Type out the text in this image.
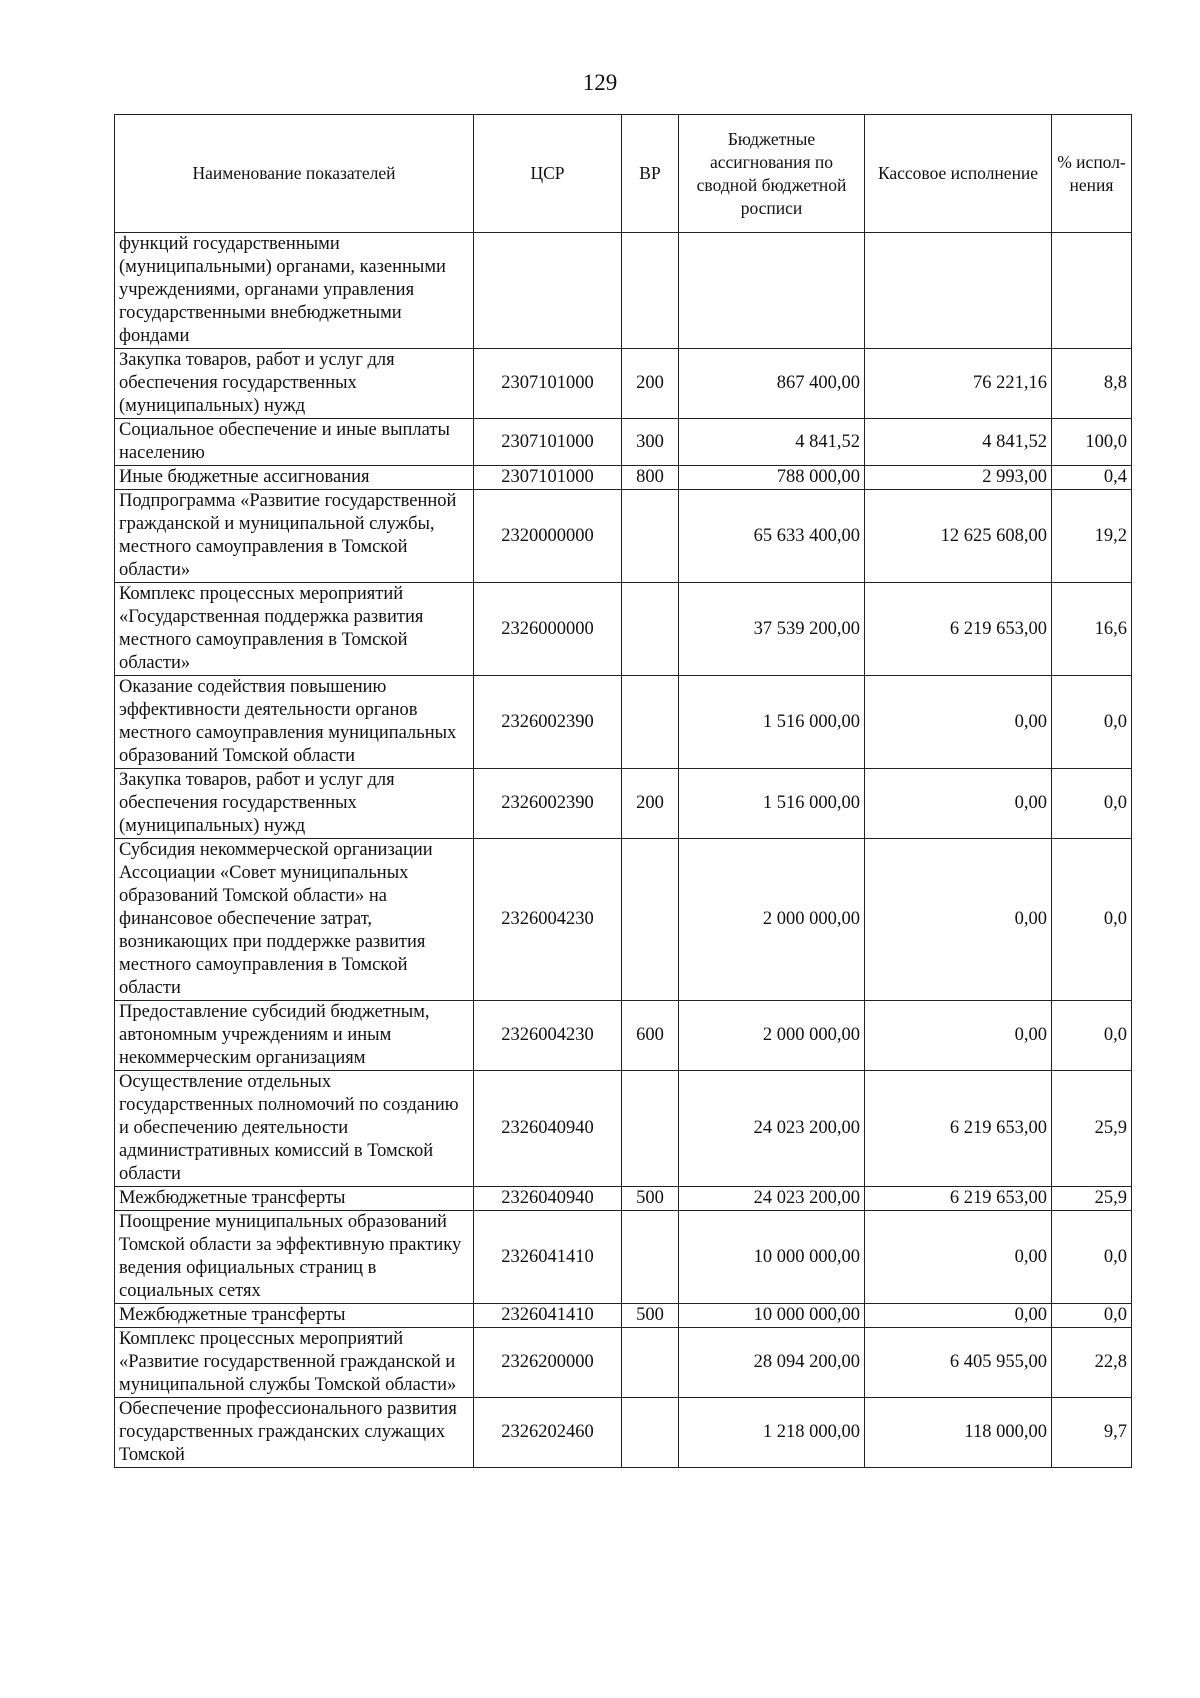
129
Наименование показателей	ЦСР	ВР	Бюджетные ассигнования по сводной бюджетной росписи	Кассовое исполнение	% испол-нения
функций государственными (муниципальными) органами, казенными учреждениями, органами управления государственными внебюджетными фондами					
Закупка товаров, работ и услуг для обеспечения государственных (муниципальных) нужд	2307101000	200	867 400,00	76 221,16	8,8
Социальное обеспечение и иные выплаты населению	2307101000	300	4 841,52	4 841,52	100,0
Иные бюджетные ассигнования	2307101000	800	788 000,00	2 993,00	0,4
Подпрограмма «Развитие государственной гражданской и муниципальной службы, местного самоуправления в Томской области»	2320000000		65 633 400,00	12 625 608,00	19,2
Комплекс процессных мероприятий «Государственная поддержка развития местного самоуправления в Томской области»	2326000000		37 539 200,00	6 219 653,00	16,6
Оказание содействия повышению эффективности деятельности органов местного самоуправления муниципальных образований Томской области	2326002390		1 516 000,00	0,00	0,0
Закупка товаров, работ и услуг для обеспечения государственных (муниципальных) нужд	2326002390	200	1 516 000,00	0,00	0,0
Субсидия некоммерческой организации Ассоциации «Совет муниципальных образований Томской области» на финансовое обеспечение затрат, возникающих при поддержке развития местного самоуправления в Томской области	2326004230		2 000 000,00	0,00	0,0
Предоставление субсидий бюджетным, автономным учреждениям и иным некоммерческим организациям	2326004230	600	2 000 000,00	0,00	0,0
Осуществление отдельных государственных полномочий по созданию и обеспечению деятельности административных комиссий в Томской области	2326040940		24 023 200,00	6 219 653,00	25,9
Межбюджетные трансферты	2326040940	500	24 023 200,00	6 219 653,00	25,9
Поощрение муниципальных образований Томской области за эффективную практику ведения официальных страниц в социальных сетях	2326041410		10 000 000,00	0,00	0,0
Межбюджетные трансферты	2326041410	500	10 000 000,00	0,00	0,0
Комплекс процессных мероприятий «Развитие государственной гражданской и муниципальной службы Томской области»	2326200000		28 094 200,00	6 405 955,00	22,8
Обеспечение профессионального развития государственных гражданских служащих Томской	2326202460		1 218 000,00	118 000,00	9,7
